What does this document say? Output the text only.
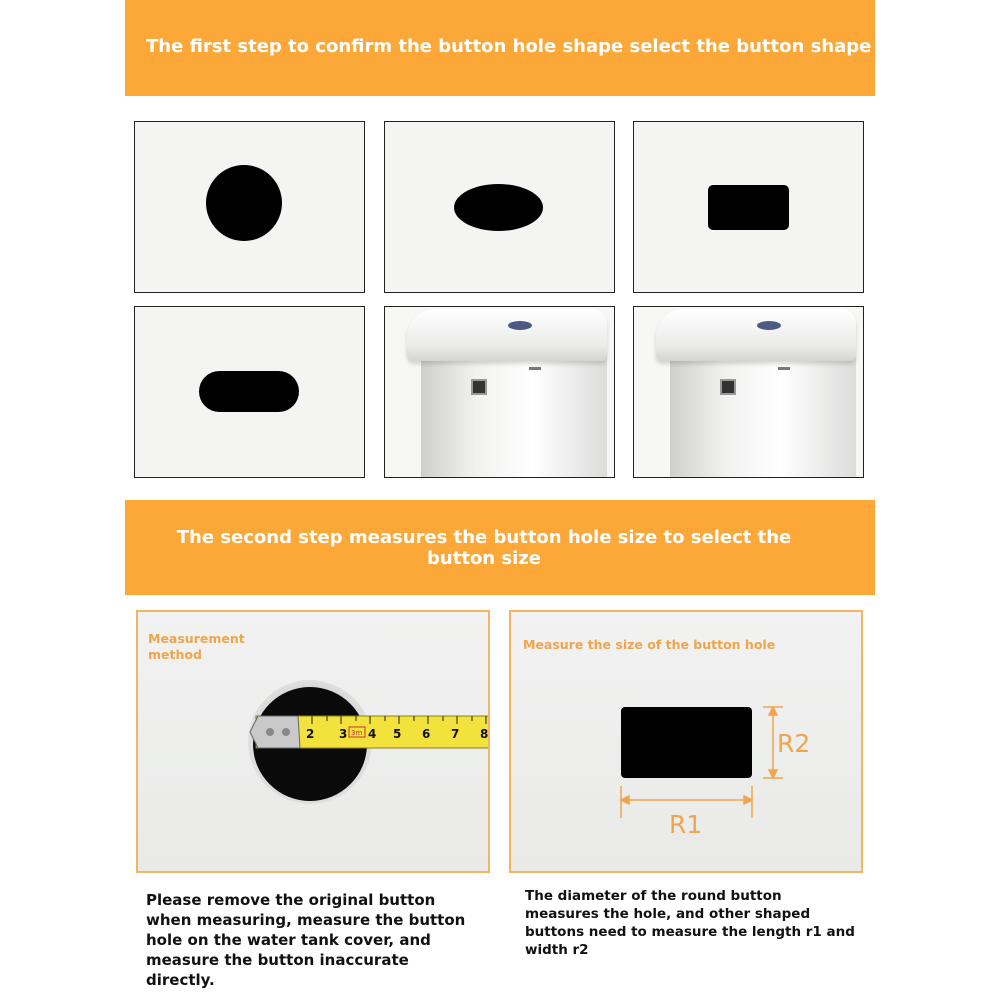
The first step to confirm the button hole shape select the button shape
The second step measures the button hole size to select the button size
Measurement method
2 3 4 5 6 7 8
3m
Measure the size of the button hole
R2
R1
Please remove the original button when measuring, measure the button hole on the water tank cover, and measure the button inaccurate directly.
The diameter of the round button measures the hole, and other shaped buttons need to measure the length r1 and width r2
